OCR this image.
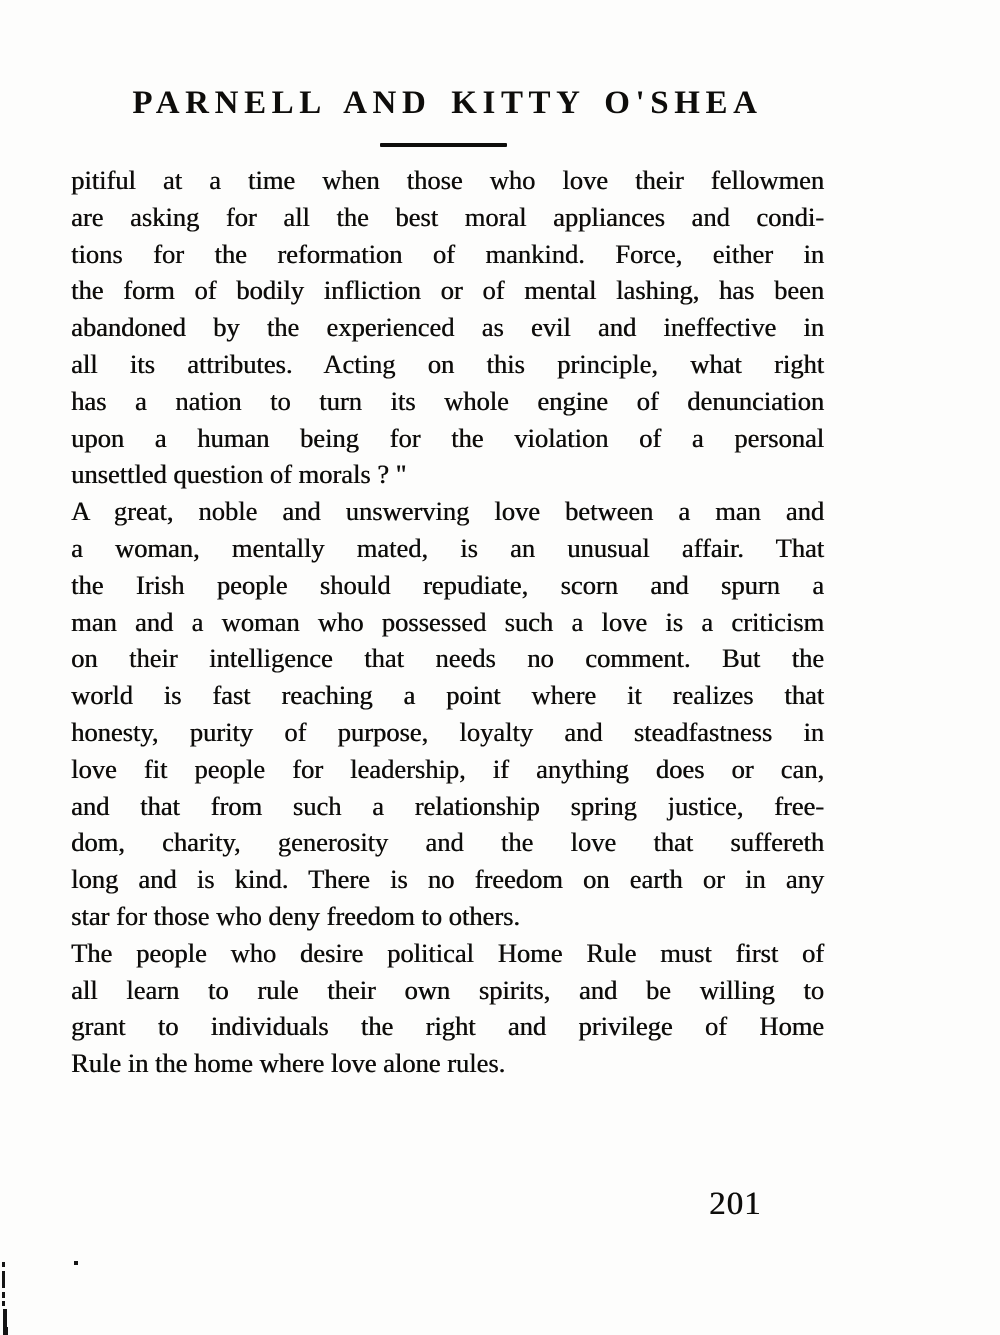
PARNELL AND KITTY O'SHEA
pitiful at a time when those who love their fellowmen
are asking for all the best moral appliances and condi-
tions for the reformation of mankind. Force, either in
the form of bodily infliction or of mental lashing, has been
abandoned by the experienced as evil and ineffective in
all its attributes. Acting on this principle, what right
has a nation to turn its whole engine of denunciation
upon a human being for the violation of a personal
unsettled question of morals ? "
A great, noble and unswerving love between a man and
a woman, mentally mated, is an unusual affair. That
the Irish people should repudiate, scorn and spurn a
man and a woman who possessed such a love is a criticism
on their intelligence that needs no comment. But the
world is fast reaching a point where it realizes that
honesty, purity of purpose, loyalty and steadfastness in
love fit people for leadership, if anything does or can,
and that from such a relationship spring justice, free-
dom, charity, generosity and the love that suffereth
long and is kind. There is no freedom on earth or in any
star for those who deny freedom to others.
The people who desire political Home Rule must first of
all learn to rule their own spirits, and be willing to
grant to individuals the right and privilege of Home
Rule in the home where love alone rules.
201
